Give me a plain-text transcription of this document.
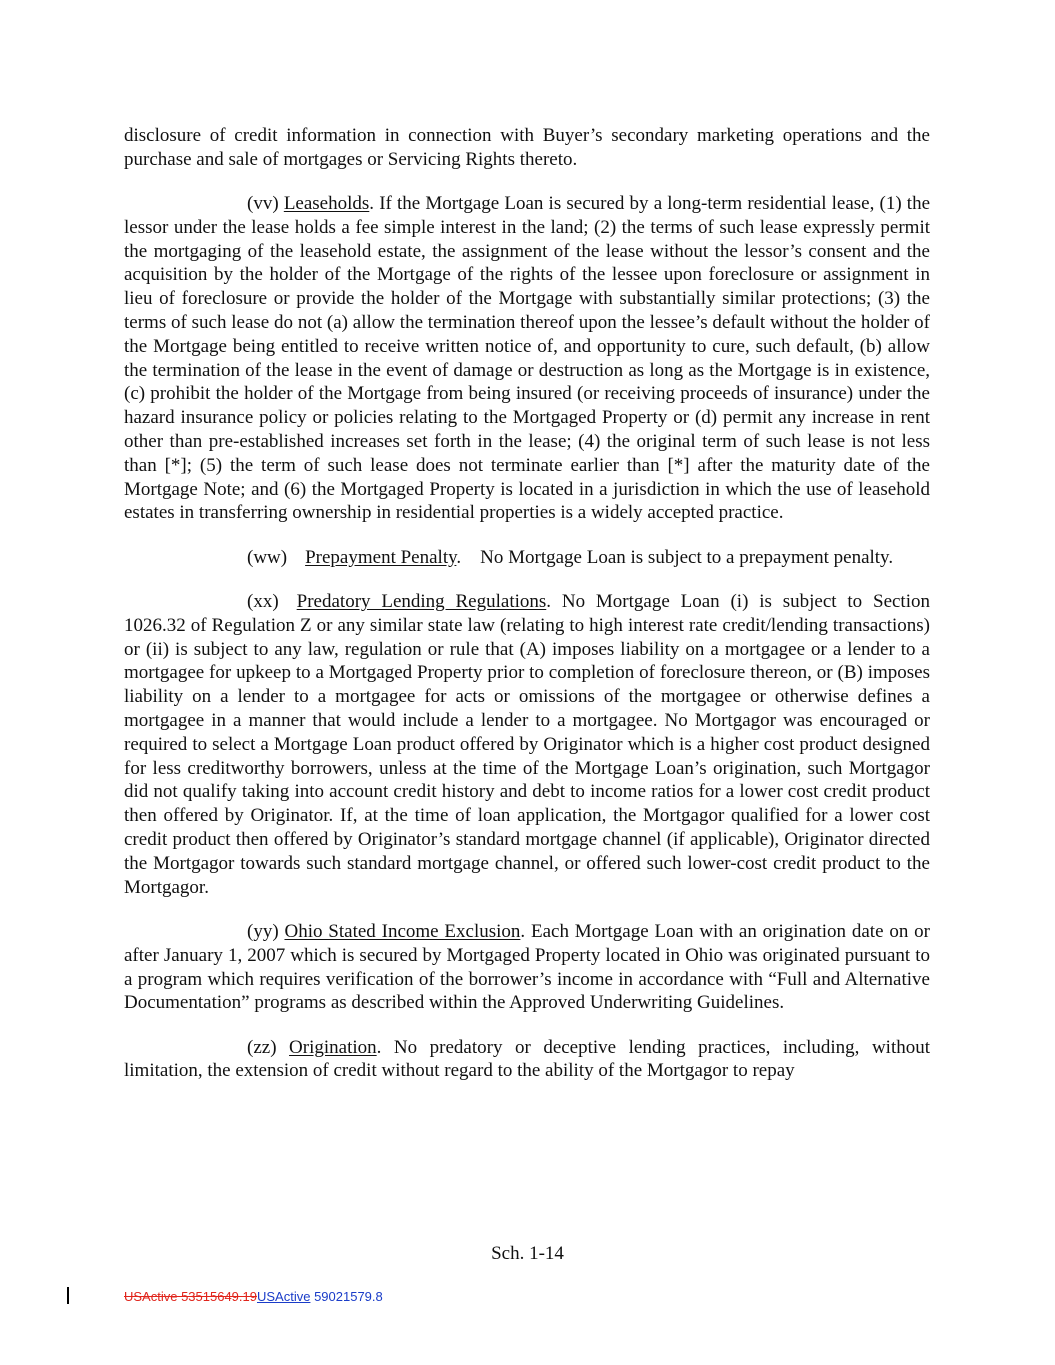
disclosure of credit information in connection with Buyer’s secondary marketing operations and the purchase and sale of mortgages or Servicing Rights thereto.

(vv) Leaseholds. If the Mortgage Loan is secured by a long-term residential lease, (1) the lessor under the lease holds a fee simple interest in the land; (2) the terms of such lease expressly permit the mortgaging of the leasehold estate, the assignment of the lease without the lessor’s consent and the acquisition by the holder of the Mortgage of the rights of the lessee upon foreclosure or assignment in lieu of foreclosure or provide the holder of the Mortgage with substantially similar protections; (3) the terms of such lease do not (a) allow the termination thereof upon the lessee’s default without the holder of the Mortgage being entitled to receive written notice of, and opportunity to cure, such default, (b) allow the termination of the lease in the event of damage or destruction as long as the Mortgage is in existence, (c) prohibit the holder of the Mortgage from being insured (or receiving proceeds of insurance) under the hazard insurance policy or policies relating to the Mortgaged Property or (d) permit any increase in rent other than pre-established increases set forth in the lease; (4) the original term of such lease is not less than [*]; (5) the term of such lease does not terminate earlier than [*] after the maturity date of the Mortgage Note; and (6) the Mortgaged Property is located in a jurisdiction in which the use of leasehold estates in transferring ownership in residential properties is a widely accepted practice.

(ww) Prepayment Penalty.    No Mortgage Loan is subject to a prepayment penalty.

(xx) Predatory Lending Regulations. No Mortgage Loan (i) is subject to Section 1026.32 of Regulation Z or any similar state law (relating to high interest rate credit/lending transactions) or (ii) is subject to any law, regulation or rule that (A) imposes liability on a mortgagee or a lender to a mortgagee for upkeep to a Mortgaged Property prior to completion of foreclosure thereon, or (B) imposes liability on a lender to a mortgagee for acts or omissions of the mortgagee or otherwise defines a mortgagee in a manner that would include a lender to a mortgagee. No Mortgagor was encouraged or required to select a Mortgage Loan product offered by Originator which is a higher cost product designed for less creditworthy borrowers, unless at the time of the Mortgage Loan’s origination, such Mortgagor did not qualify taking into account credit history and debt to income ratios for a lower cost credit product then offered by Originator. If, at the time of loan application, the Mortgagor qualified for a lower cost credit product then offered by Originator’s standard mortgage channel (if applicable), Originator directed the Mortgagor towards such standard mortgage channel, or offered such lower-cost credit product to the Mortgagor.

(yy) Ohio Stated Income Exclusion. Each Mortgage Loan with an origination date on or after January 1, 2007 which is secured by Mortgaged Property located in Ohio was originated pursuant to a program which requires verification of the borrower’s income in accordance with “Full and Alternative Documentation” programs as described within the Approved Underwriting Guidelines.

(zz) Origination. No predatory or deceptive lending practices, including, without limitation, the extension of credit without regard to the ability of the Mortgagor to repay

Sch. 1-14
USActive 53515649.19USActive 59021579.8
